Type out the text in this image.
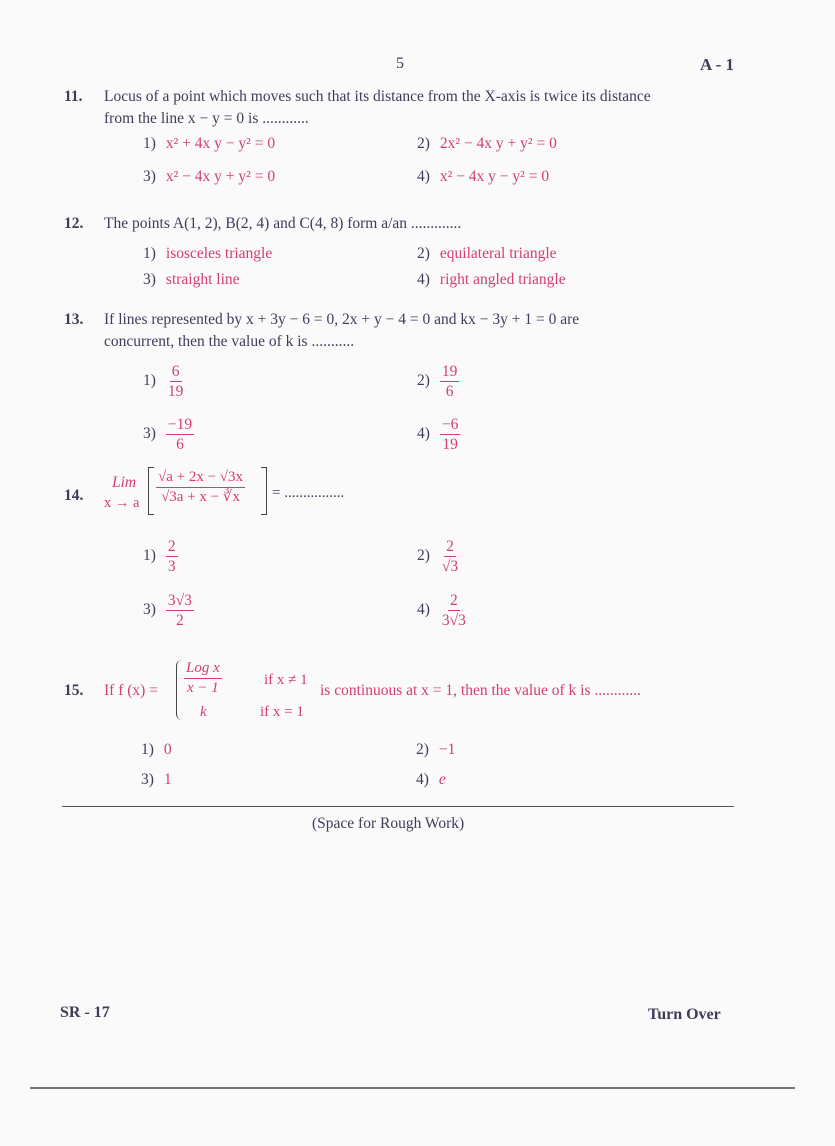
5	A - 1
11. Locus of a point which moves such that its distance from the X-axis is twice its distance
from the line x − y = 0 is ............
1) x² + 4x y − y² = 0	2) 2x² − 4x y + y² = 0
3) x² − 4x y + y² = 0	4) x² − 4x y − y² = 0
12. The points A(1, 2), B(2, 4) and C(4, 8) form a/an .............
1) isosceles triangle	2) equilateral triangle
3) straight line	4) right angled triangle
13. If lines represented by x + 3y − 6 = 0, 2x + y − 4 = 0 and kx − 3y + 1 = 0 are
concurrent, then the value of k is ...........
$1) \frac{6}{19}$	$2) \frac{19}{6}$
$3) \frac{-19}{6}$	$4) \frac{-6}{19}$
14.
Lim
x → a $\frac{√a + 2x - √3x}{√3a + x - ∛x}$ = ................
$1) \frac{2}{3}$	$2) \frac{2}{√3}$
$3) \frac{3√3}{2}$	$4) \frac{2}{3√3}$
15. If f $(x) = \frac{\text{Log x}}{x - 1}$	if x ≠ 1
k	if x = 1
is continuous at x = 1, then the value of k is ............
1) 0	2) −1
3) 1	4) e
(Space for Rough Work)
SR - 17	Turn Over
